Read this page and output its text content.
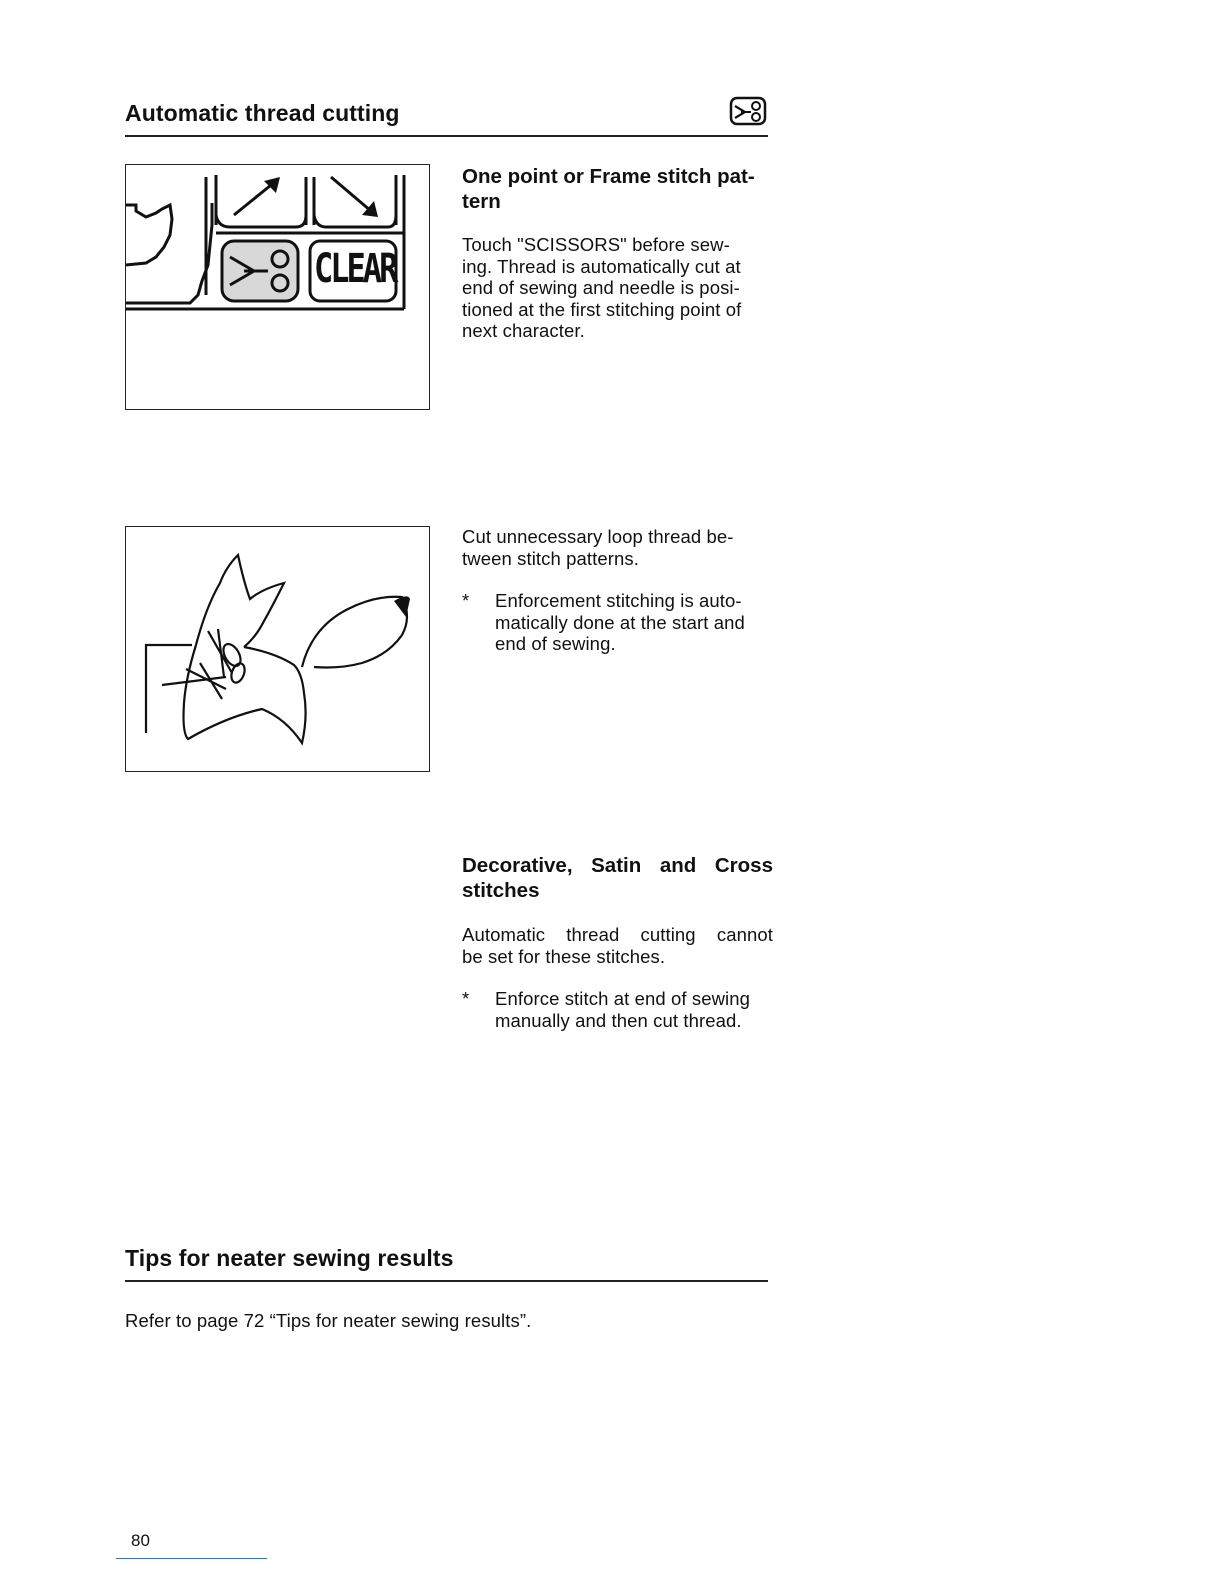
Automatic thread cutting
CLEAR
One point or Frame stitch pat-
tern
Touch "SCISSORS" before sew-
ing. Thread is automatically cut at
end of sewing and needle is posi-
tioned at the first stitching point of
next character.
Cut unnecessary loop thread be-
tween stitch patterns.
* Enforcement stitching is auto-
matically done at the start and
end of sewing.
Decorative, Satin and Cross
stitches
Automatic thread cutting cannot
be set for these stitches.
* Enforce stitch at end of sewing
manually and then cut thread.
Tips for neater sewing results
Refer to page 72 “Tips for neater sewing results”.
80
